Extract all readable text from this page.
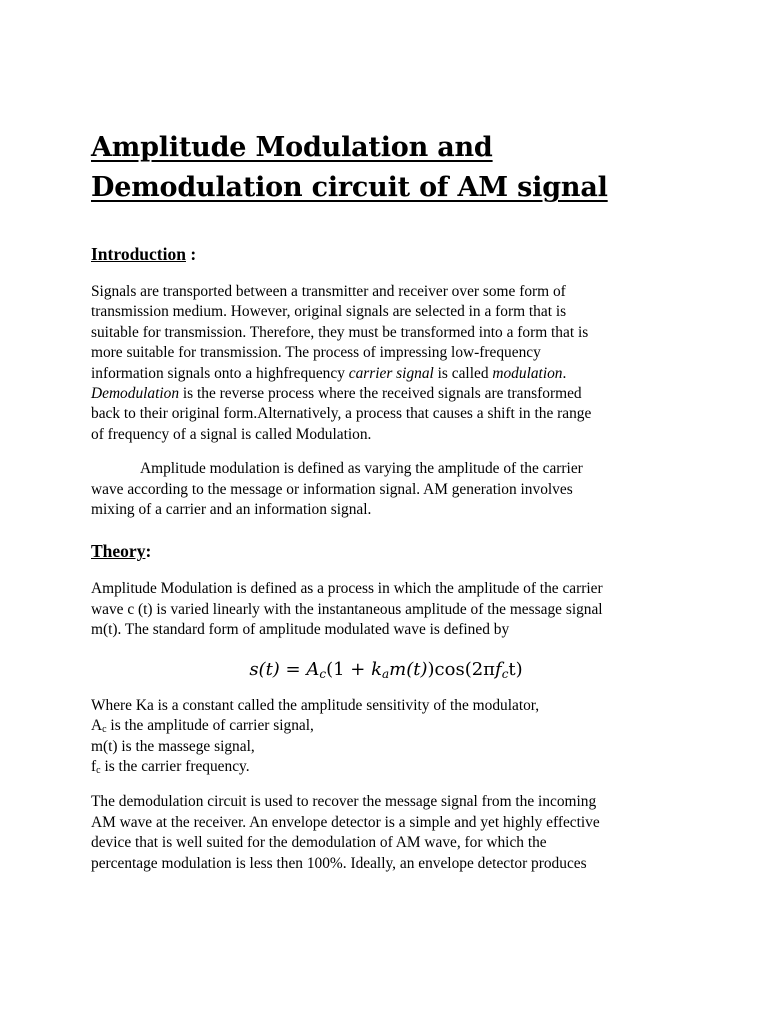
Amplitude Modulation and
Demodulation circuit of AM signal
Introduction :

Signals are transported between a transmitter and receiver over some form of
transmission medium. However, original signals are selected in a form that is
suitable for transmission. Therefore, they must be transformed into a form that is
more suitable for transmission. The process of impressing low-frequency
information signals onto a highfrequency carrier signal is called modulation.
Demodulation is the reverse process where the received signals are transformed
back to their original form.Alternatively, a process that causes a shift in the range
of frequency of a signal is called Modulation.

Amplitude modulation is defined as varying the amplitude of the carrier
wave according to the message or information signal. AM generation involves
mixing of a carrier and an information signal.

Theory:

Amplitude Modulation is defined as a process in which the amplitude of the carrier
wave c (t) is varied linearly with the instantaneous amplitude of the message signal
m(t). The standard form of amplitude modulated wave is defined by

$s(t) = A_c(1 + k_am(t))\cos(2\pi f_ct)$

Where Ka is a constant called the amplitude sensitivity of the modulator,
$A_c$ is the amplitude of carrier signal,
m(t) is the massege signal,
$f_c$ is the carrier frequency.

The demodulation circuit is used to recover the message signal from the incoming
AM wave at the receiver. An envelope detector is a simple and yet highly effective
device that is well suited for the demodulation of AM wave, for which the
percentage modulation is less then 100%. Ideally, an envelope detector produces
